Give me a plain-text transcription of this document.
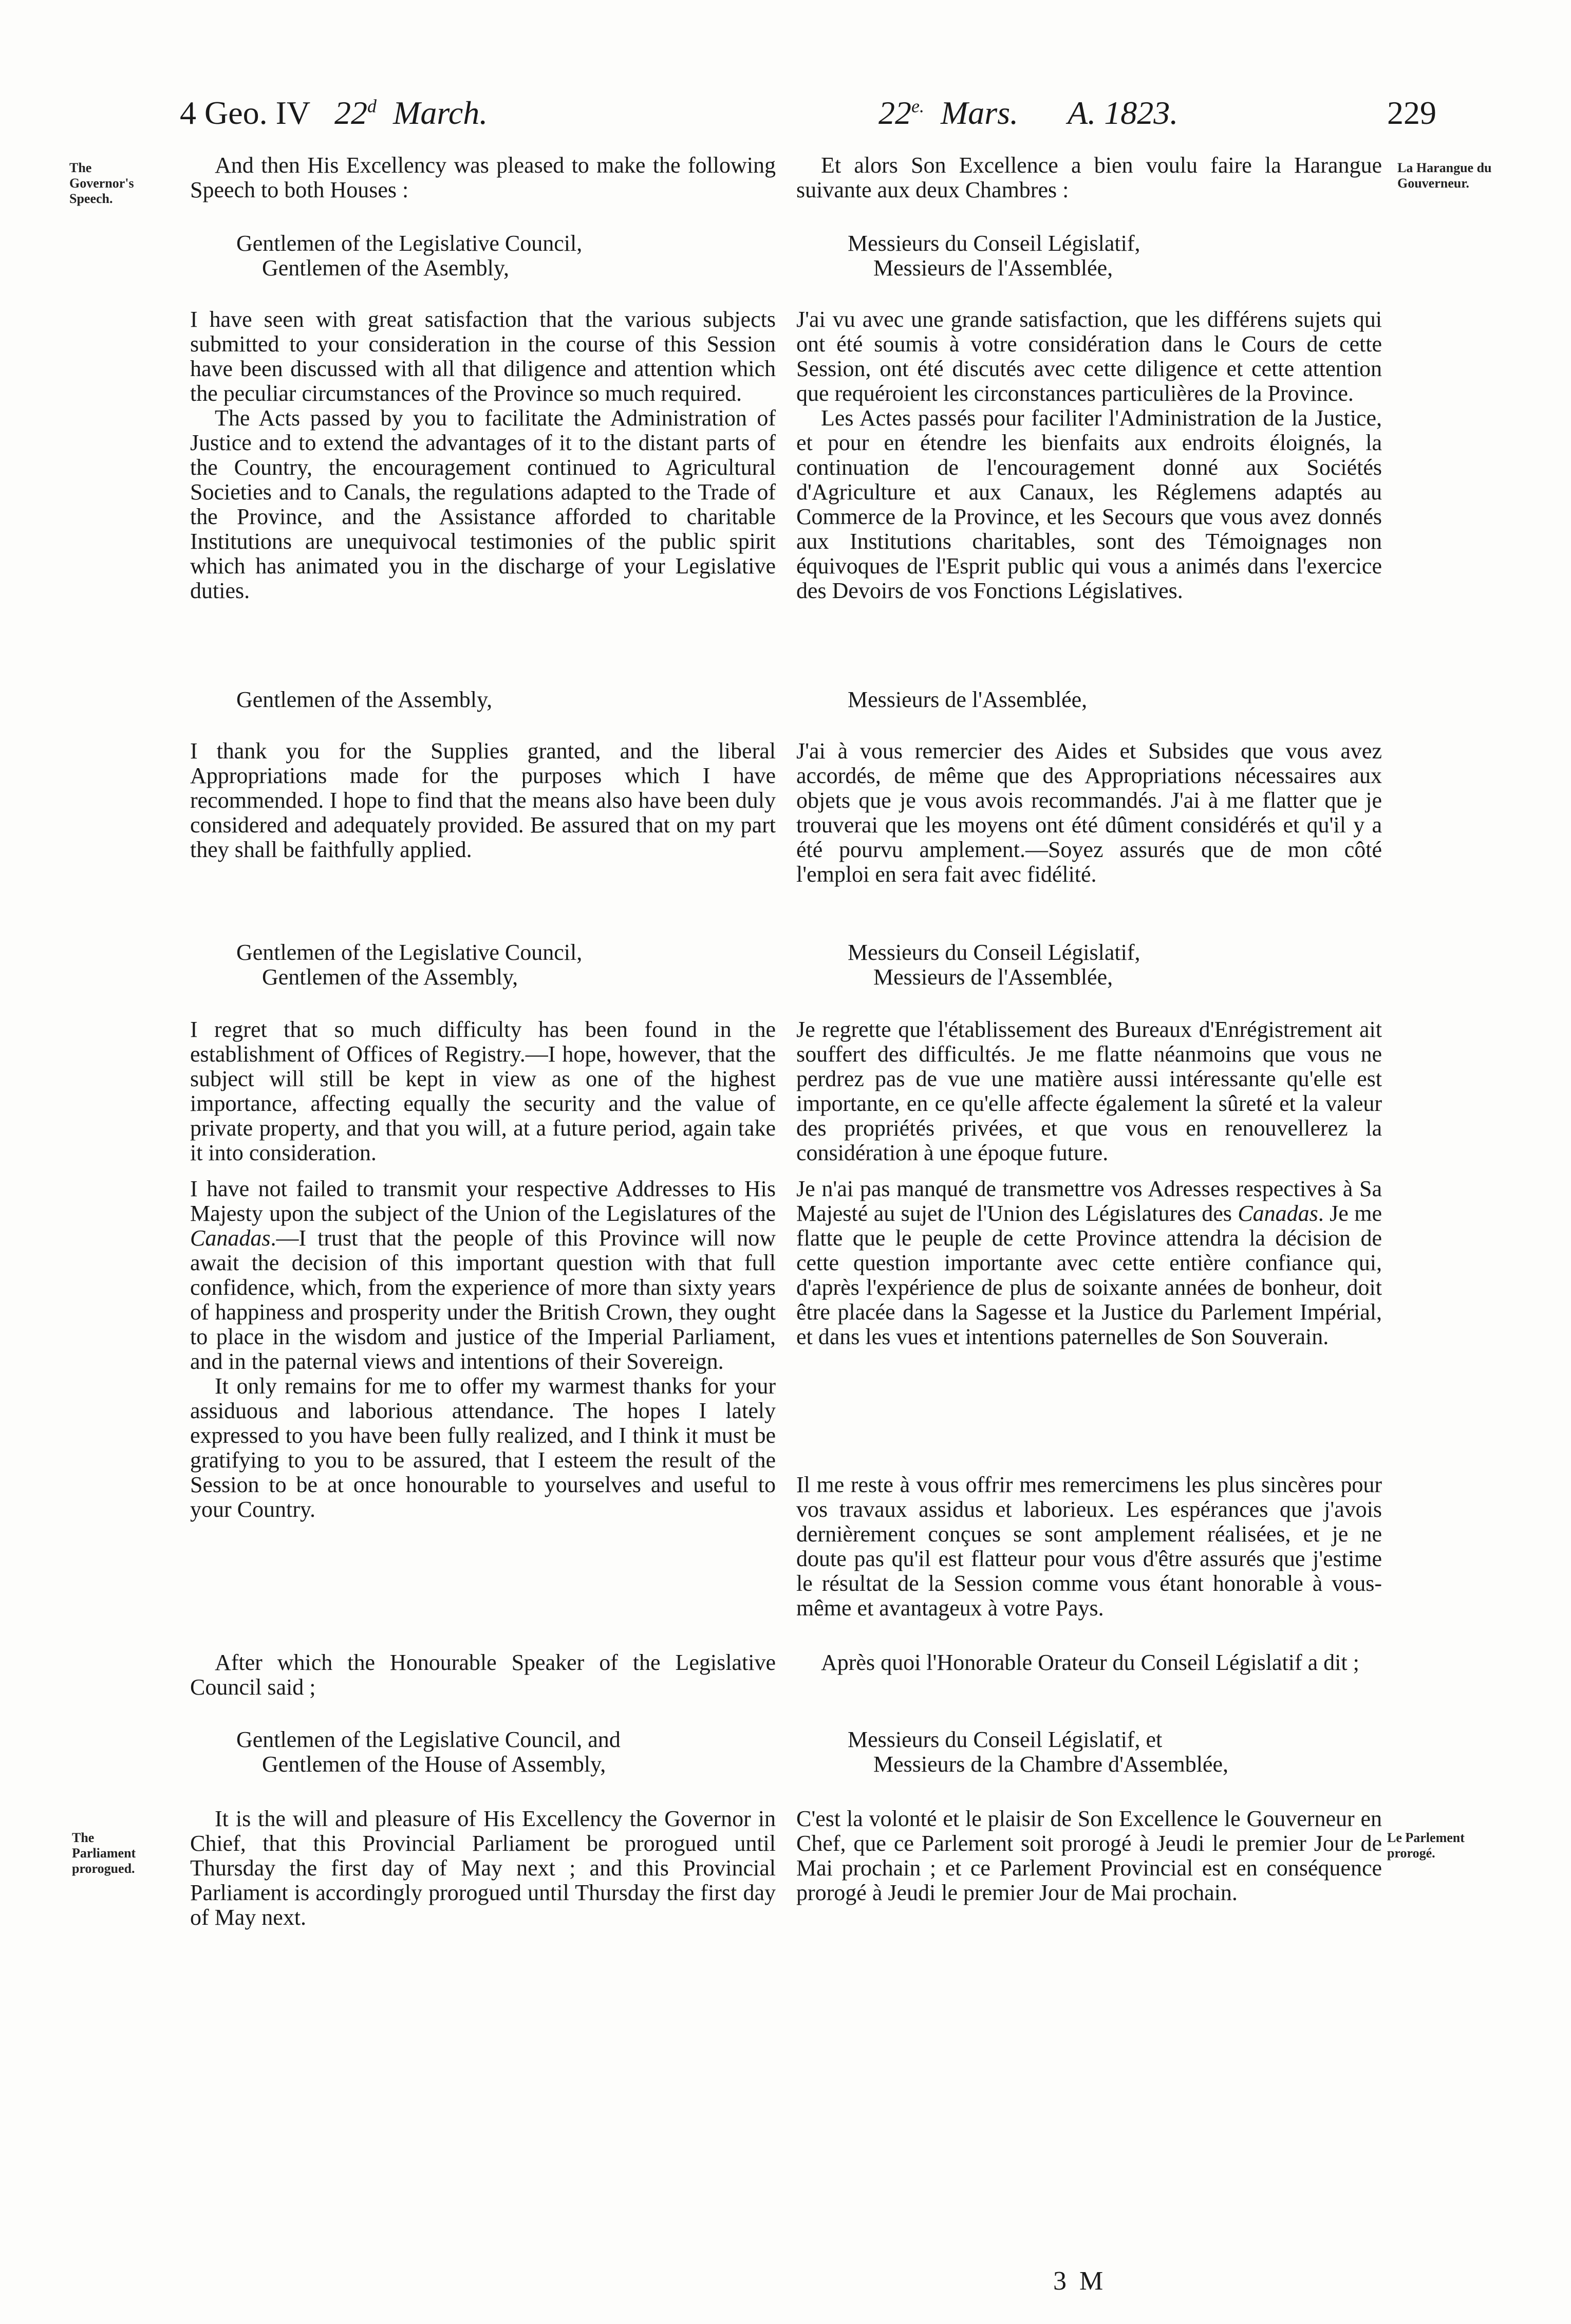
4 Geo. IV 22$^d$ March.	$22^{e.}$ Mars. A. 1823.	229
The Governor's Speech.
La Harangue du Gouverneur.
The Parliament prorogued.
Le Parlement prorogé.

And then His Excellency was pleased to make the following Speech to both Houses :

Gentlemen of the Legislative Council,
Gentlemen of the Asembly,

I have seen with great satisfaction that the various subjects submitted to your consideration in the course of this Session have been discussed with all that diligence and attention which the peculiar circumstances of the Province so much required.

The Acts passed by you to facilitate the Administration of Justice and to extend the advantages of it to the distant parts of the Country, the encouragement continued to Agricultural Societies and to Canals, the regulations adapted to the Trade of the Province, and the Assistance afforded to charitable Institutions are unequivocal testimonies of the public spirit which has animated you in the discharge of your Legislative duties.

Gentlemen of the Assembly,

I thank you for the Supplies granted, and the liberal Appropriations made for the purposes which I have recommended. I hope to find that the means also have been duly considered and adequately provided. Be assured that on my part they shall be faithfully applied.

Gentlemen of the Legislative Council,
Gentlemen of the Assembly,

I regret that so much difficulty has been found in the establishment of Offices of Registry.—I hope, however, that the subject will still be kept in view as one of the highest importance, affecting equally the security and the value of private property, and that you will, at a future period, again take it into consideration.

I have not failed to transmit your respective Addresses to His Majesty upon the subject of the Union of the Legislatures of the Canadas.—I trust that the people of this Province will now await the decision of this important question with that full confidence, which, from the experience of more than sixty years of happiness and prosperity under the British Crown, they ought to place in the wisdom and justice of the Imperial Parliament, and in the paternal views and intentions of their Sovereign.

It only remains for me to offer my warmest thanks for your assiduous and laborious attendance. The hopes I lately expressed to you have been fully realized, and I think it must be gratifying to you to be assured, that I esteem the result of the Session to be at once honourable to yourselves and useful to your Country.

After which the Honourable Speaker of the Legislative Council said ;

Gentlemen of the Legislative Council, and
Gentlemen of the House of Assembly,

It is the will and pleasure of His Excellency the Governor in Chief, that this Provincial Parliament be prorogued until Thursday the first day of May next ; and this Provincial Parliament is accordingly prorogued until Thursday the first day of May next.

Et alors Son Excellence a bien voulu faire la Harangue suivante aux deux Chambres :

Messieurs du Conseil Législatif,
Messieurs de l'Assemblée,

J'ai vu avec une grande satisfaction, que les différens sujets qui ont été soumis à votre considération dans le Cours de cette Session, ont été discutés avec cette diligence et cette attention que requéroient les circonstances particulières de la Province.

Les Actes passés pour faciliter l'Administration de la Justice, et pour en étendre les bienfaits aux endroits éloignés, la continuation de l'encouragement donné aux Sociétés d'Agriculture et aux Canaux, les Réglemens adaptés au Commerce de la Province, et les Secours que vous avez donnés aux Institutions charitables, sont des Témoignages non équivoques de l'Esprit public qui vous a animés dans l'exercice des Devoirs de vos Fonctions Législatives.

Messieurs de l'Assemblée,

J'ai à vous remercier des Aides et Subsides que vous avez accordés, de même que des Appropriations nécessaires aux objets que je vous avois recommandés. J'ai à me flatter que je trouverai que les moyens ont été dûment considérés et qu'il y a été pourvu amplement.—Soyez assurés que de mon côté l'emploi en sera fait avec fidélité.

Messieurs du Conseil Législatif,
Messieurs de l'Assemblée,

Je regrette que l'établissement des Bureaux d'Enrégistrement ait souffert des difficultés. Je me flatte néanmoins que vous ne perdrez pas de vue une matière aussi intéressante qu'elle est importante, en ce qu'elle affecte également la sûreté et la valeur des propriétés privées, et que vous en renouvellerez la considération à une époque future.

Je n'ai pas manqué de transmettre vos Adresses respectives à Sa Majesté au sujet de l'Union des Législatures des Canadas. Je me flatte que le peuple de cette Province attendra la décision de cette question importante avec cette entière confiance qui, d'après l'expérience de plus de soixante années de bonheur, doit être placée dans la Sagesse et la Justice du Parlement Impérial, et dans les vues et intentions paternelles de Son Souverain.

Il me reste à vous offrir mes remercimens les plus sincères pour vos travaux assidus et laborieux. Les espérances que j'avois dernièrement conçues se sont amplement réalisées, et je ne doute pas qu'il est flatteur pour vous d'être assurés que j'estime le résultat de la Session comme vous étant honorable à vous-même et avantageux à votre Pays.

Après quoi l'Honorable Orateur du Conseil Législatif a dit ;

Messieurs du Conseil Législatif, et
Messieurs de la Chambre d'Assemblée,

C'est la volonté et le plaisir de Son Excellence le Gouverneur en Chef, que ce Parlement soit prorogé à Jeudi le premier Jour de Mai prochain ; et ce Parlement Provincial est en conséquence prorogé à Jeudi le premier Jour de Mai prochain.

3 M
